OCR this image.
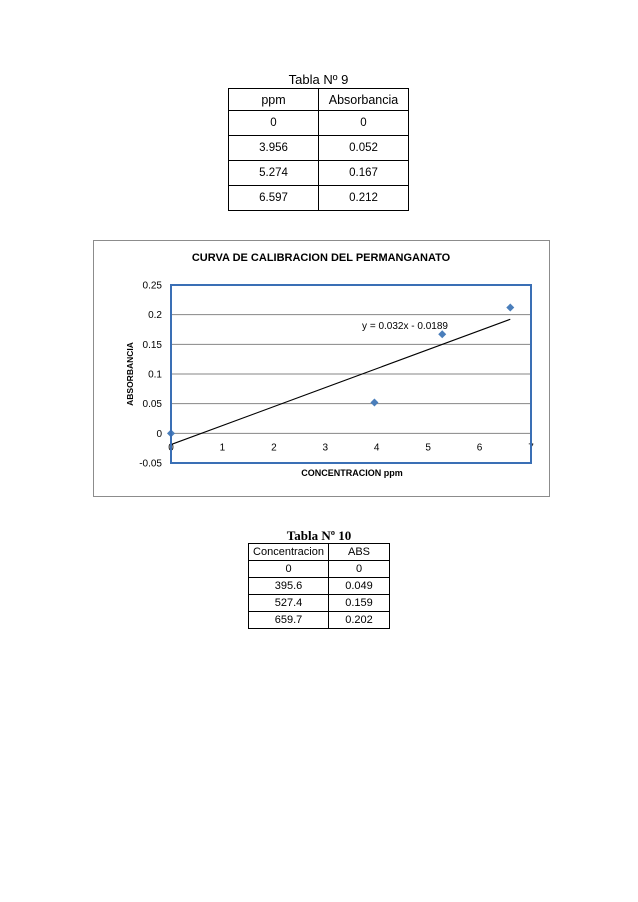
Tabla Nº 9
ppm	Absorbancia
0	0
3.956	0.052
5.274	0.167
6.597	0.212
CURVA DE CALIBRACION DEL PERMANGANATO
ABSORBANCIA
CONCENTRACION ppm
-0.05
0
0.05
0.1
0.15
0.2
0.25
0	1	2	3	4	5	6	7
y = 0.032x - 0.0189
Tabla Nº 10
Concentracion	ABS
0	0
395.6	0.049
527.4	0.159
659.7	0.202
